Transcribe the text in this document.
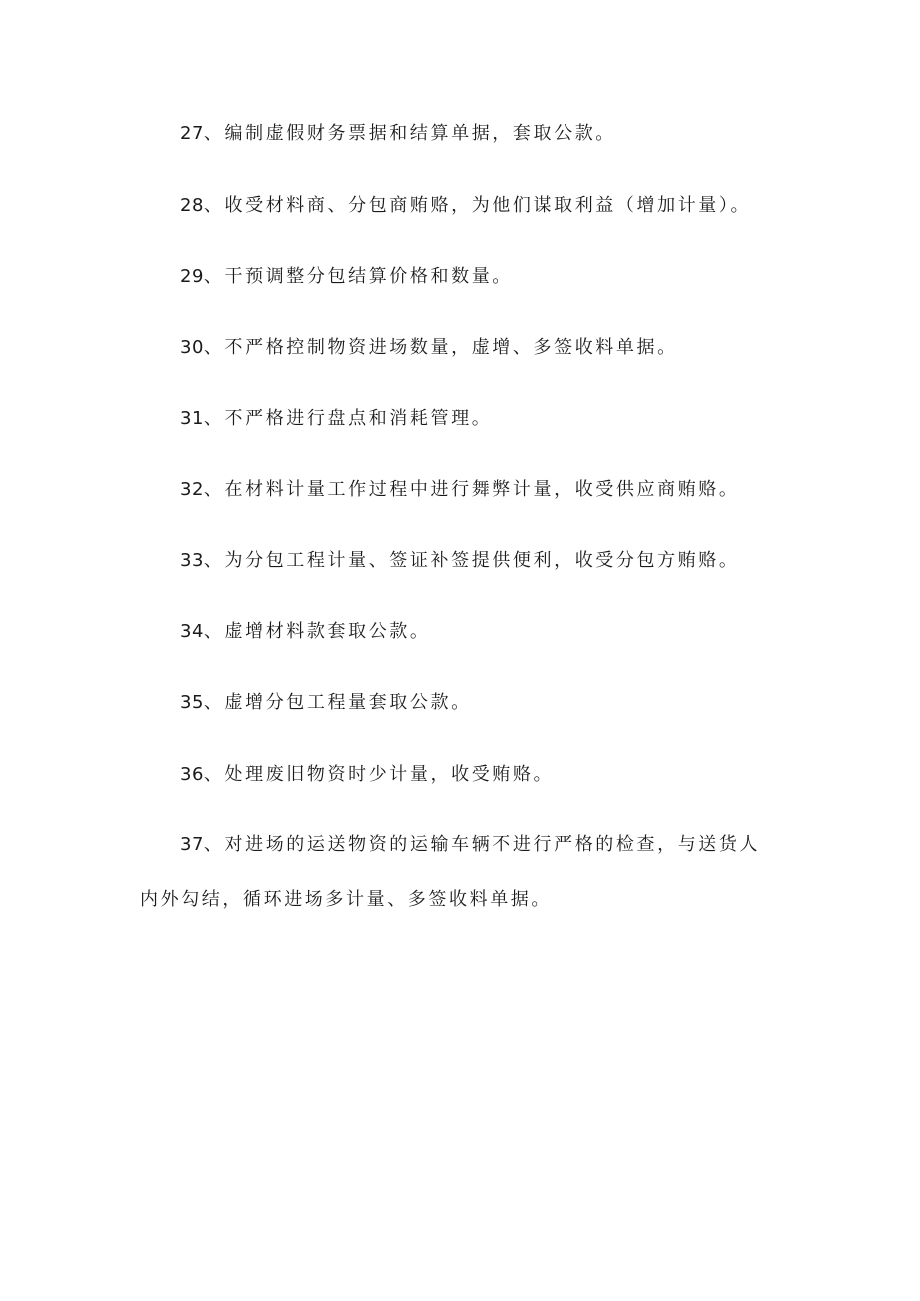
27、编制虚假财务票据和结算单据，套取公款。
28、收受材料商、分包商贿赂，为他们谋取利益（增加计量）。
29、干预调整分包结算价格和数量。
30、不严格控制物资进场数量，虚增、多签收料单据。
31、不严格进行盘点和消耗管理。
32、在材料计量工作过程中进行舞弊计量，收受供应商贿赂。
33、为分包工程计量、签证补签提供便利，收受分包方贿赂。
34、虚增材料款套取公款。
35、虚增分包工程量套取公款。
36、处理废旧物资时少计量，收受贿赂。
37、对进场的运送物资的运输车辆不进行严格的检查，与送货人内外勾结，循环进场多计量、多签收料单据。
